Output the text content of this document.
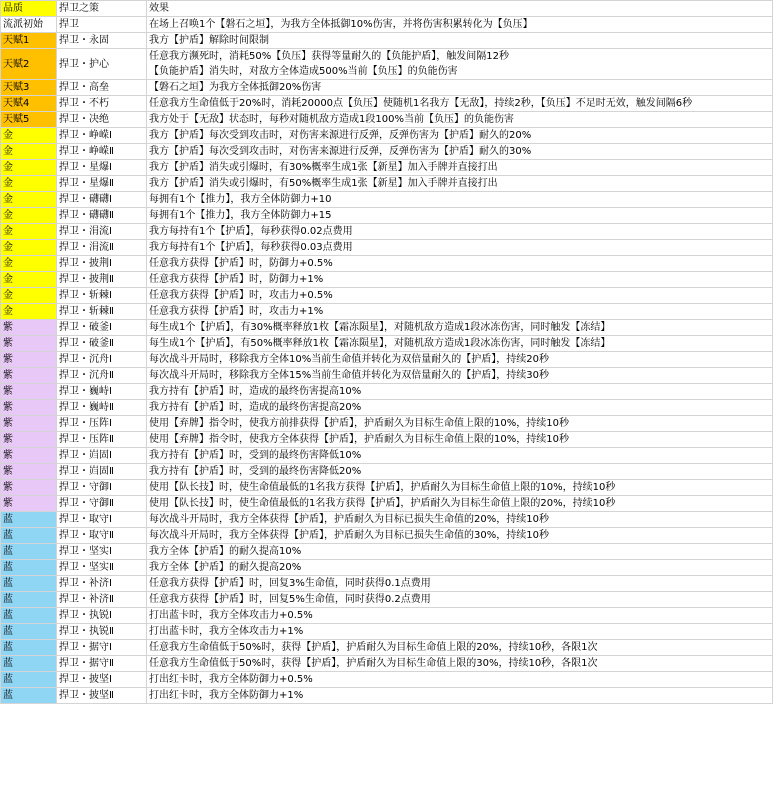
品质	捍卫之策	效果
流派初始	捍卫	在场上召唤1个【磐石之垣】，为我方全体抵御10%伤害，并将伤害积累转化为【负压】
天赋1	捍卫・永固	我方【护盾】解除时间限制
天赋2	捍卫・护心	任意我方濒死时，消耗50%【负压】获得等量耐久的【负能护盾】，触发间隔12秒
【负能护盾】消失时，对敌方全体造成500%当前【负压】的负能伤害
天赋3	捍卫・高垒	【磐石之垣】为我方全体抵御20%伤害
天赋4	捍卫・不朽	任意我方生命值低于20%时，消耗20000点【负压】使随机1名我方【无敌】，持续2秒，【负压】不足时无效，触发间隔6秒
天赋5	捍卫・决绝	我方处于【无敌】状态时，每秒对随机敌方造成1段100%当前【负压】的负能伤害
金	捍卫・峥嵘Ⅰ	我方【护盾】每次受到攻击时，对伤害来源进行反弹，反弹伤害为【护盾】耐久的20%
金	捍卫・峥嵘Ⅱ	我方【护盾】每次受到攻击时，对伤害来源进行反弹，反弹伤害为【护盾】耐久的30%
金	捍卫・星爆Ⅰ	我方【护盾】消失或引爆时，有30%概率生成1张【新星】加入手牌并直接打出
金	捍卫・星爆Ⅱ	我方【护盾】消失或引爆时，有50%概率生成1张【新星】加入手牌并直接打出
金	捍卫・礴礴Ⅰ	每拥有1个【推力】，我方全体防御力+10
金	捍卫・礴礴Ⅱ	每拥有1个【推力】，我方全体防御力+15
金	捍卫・涓流Ⅰ	我方每持有1个【护盾】，每秒获得0.02点费用
金	捍卫・涓流Ⅱ	我方每持有1个【护盾】，每秒获得0.03点费用
金	捍卫・披荆Ⅰ	任意我方获得【护盾】时，防御力+0.5%
金	捍卫・披荆Ⅱ	任意我方获得【护盾】时，防御力+1%
金	捍卫・斩棘Ⅰ	任意我方获得【护盾】时，攻击力+0.5%
金	捍卫・斩棘Ⅱ	任意我方获得【护盾】时，攻击力+1%
紫	捍卫・破釜Ⅰ	每生成1个【护盾】，有30%概率释放1枚【霜冻陨星】，对随机敌方造成1段冰冻伤害，同时触发【冻结】
紫	捍卫・破釜Ⅱ	每生成1个【护盾】，有50%概率释放1枚【霜冻陨星】，对随机敌方造成1段冰冻伤害，同时触发【冻结】
紫	捍卫・沉舟Ⅰ	每次战斗开局时，移除我方全体10%当前生命值并转化为双倍量耐久的【护盾】，持续20秒
紫	捍卫・沉舟Ⅱ	每次战斗开局时，移除我方全体15%当前生命值并转化为双倍量耐久的【护盾】，持续30秒
紫	捍卫・巍峙Ⅰ	我方持有【护盾】时，造成的最终伤害提高10%
紫	捍卫・巍峙Ⅱ	我方持有【护盾】时，造成的最终伤害提高20%
紫	捍卫・压阵Ⅰ	使用【弃牌】指令时，使我方前排获得【护盾】，护盾耐久为目标生命值上限的10%，持续10秒
紫	捍卫・压阵Ⅱ	使用【弃牌】指令时，使我方全体获得【护盾】，护盾耐久为目标生命值上限的10%，持续10秒
紫	捍卫・岿固Ⅰ	我方持有【护盾】时，受到的最终伤害降低10%
紫	捍卫・岿固Ⅱ	我方持有【护盾】时，受到的最终伤害降低20%
紫	捍卫・守御Ⅰ	使用【队长技】时，使生命值最低的1名我方获得【护盾】，护盾耐久为目标生命值上限的10%，持续10秒
紫	捍卫・守御Ⅱ	使用【队长技】时，使生命值最低的1名我方获得【护盾】，护盾耐久为目标生命值上限的20%，持续10秒
蓝	捍卫・取守Ⅰ	每次战斗开局时，我方全体获得【护盾】，护盾耐久为目标已损失生命值的20%，持续10秒
蓝	捍卫・取守Ⅱ	每次战斗开局时，我方全体获得【护盾】，护盾耐久为目标已损失生命值的30%，持续10秒
蓝	捍卫・坚实Ⅰ	我方全体【护盾】的耐久提高10%
蓝	捍卫・坚实Ⅱ	我方全体【护盾】的耐久提高20%
蓝	捍卫・补济Ⅰ	任意我方获得【护盾】时，回复3%生命值，同时获得0.1点费用
蓝	捍卫・补济Ⅱ	任意我方获得【护盾】时，回复5%生命值，同时获得0.2点费用
蓝	捍卫・执锐Ⅰ	打出蓝卡时，我方全体攻击力+0.5%
蓝	捍卫・执锐Ⅱ	打出蓝卡时，我方全体攻击力+1%
蓝	捍卫・据守Ⅰ	任意我方生命值低于50%时，获得【护盾】，护盾耐久为目标生命值上限的20%，持续10秒，各限1次
蓝	捍卫・据守Ⅱ	任意我方生命值低于50%时，获得【护盾】，护盾耐久为目标生命值上限的30%，持续10秒，各限1次
蓝	捍卫・披坚Ⅰ	打出红卡时，我方全体防御力+0.5%
蓝	捍卫・披坚Ⅱ	打出红卡时，我方全体防御力+1%
